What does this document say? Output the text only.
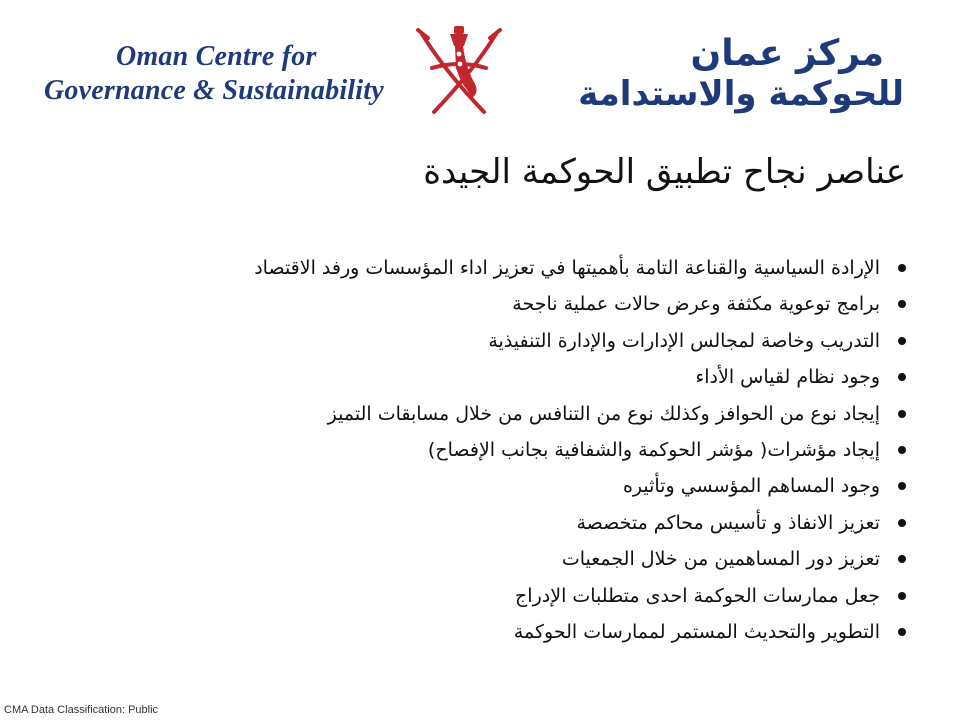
Oman Centre for
Governance & Sustainability
مركز عمان
للحوكمة والاستدامة
عناصر نجاح تطبيق الحوكمة الجيدة
الإرادة السياسية والقناعة التامة بأهميتها في تعزيز اداء المؤسسات ورفد الاقتصاد
برامج توعوية مكثفة وعرض حالات عملية ناجحة
التدريب وخاصة لمجالس الإدارات والإدارة التنفيذية
وجود نظام لقياس الأداء
إيجاد نوع من الحوافز وكذلك نوع من التنافس من خلال مسابقات التميز
إيجاد مؤشرات( مؤشر الحوكمة والشفافية بجانب الإفصاح)
وجود المساهم المؤسسي وتأثيره
تعزيز الانفاذ و تأسيس محاكم متخصصة
تعزيز دور المساهمين من خلال الجمعيات
جعل ممارسات الحوكمة احدى متطلبات الإدراج
التطوير والتحديث المستمر لممارسات الحوكمة
CMA Data Classification: Public
